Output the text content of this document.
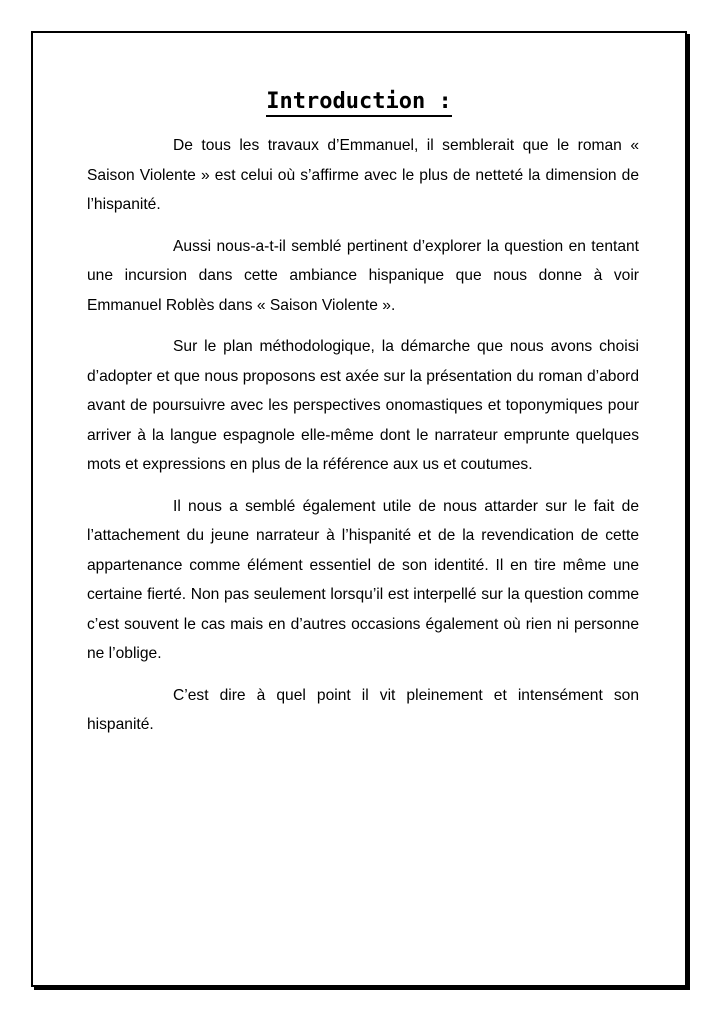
Introduction :

De tous les travaux d’Emmanuel, il semblerait que le roman « Saison Violente » est celui où s’affirme avec le plus de netteté la dimension de l’hispanité.

Aussi nous-a-t-il semblé pertinent d’explorer la question en tentant une incursion dans cette ambiance hispanique que nous donne à voir Emmanuel Roblès dans « Saison Violente ».

Sur le plan méthodologique, la démarche que nous avons choisi d’adopter et que nous proposons est axée sur la présentation du roman d’abord avant de poursuivre avec les perspectives onomastiques et toponymiques pour arriver à la langue espagnole elle-même dont le narrateur emprunte quelques mots et expressions en plus de la référence aux us et coutumes.

Il nous a semblé également utile de nous attarder sur le fait de l’attachement du jeune narrateur à l’hispanité et de la revendication de cette appartenance comme élément essentiel de son identité. Il en tire même une certaine fierté. Non pas seulement lorsqu’il est interpellé sur la question comme c’est souvent le cas mais en d’autres occasions également où rien ni personne ne l’oblige.

C’est dire à quel point il vit pleinement et intensément son hispanité.
